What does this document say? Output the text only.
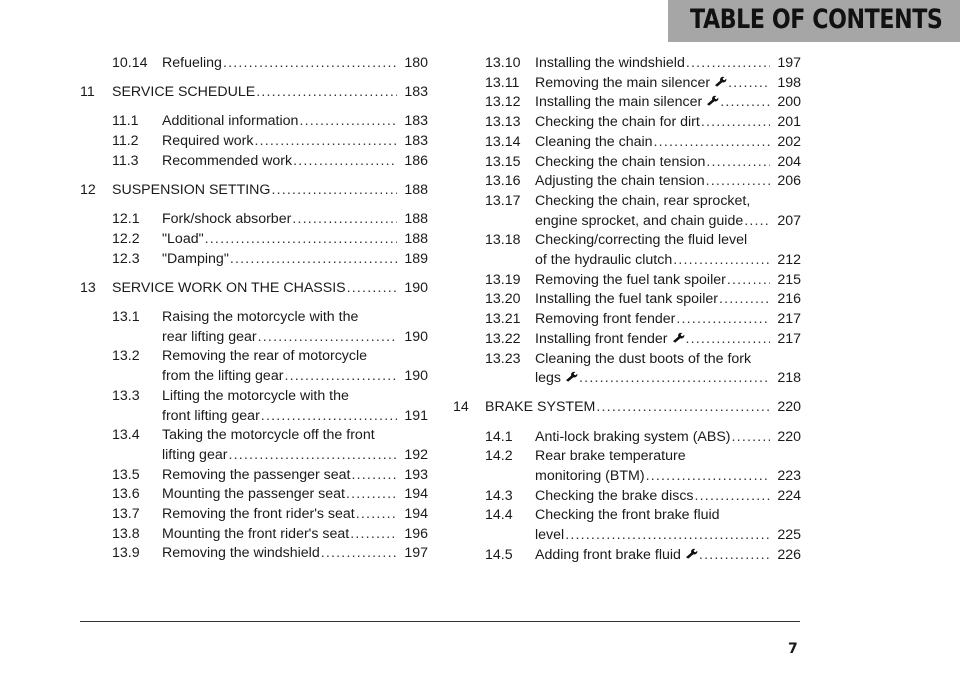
TABLE OF CONTENTS
10.14 Refueling .....	180
11 SERVICE SCHEDULE .....	183
11.1 Additional information .....	183
11.2 Required work .....	183
11.3 Recommended work .....	186
12 SUSPENSION SETTING .....	188
12.1 Fork/shock absorber .....	188
12.2 "Load" .....	188
12.3 "Damping" .....	189
13 SERVICE WORK ON THE CHASSIS .....	190
13.1 Raising the motorcycle with the
rear lifting gear .....	190
13.2 Removing the rear of motorcycle
from the lifting gear .....	190
13.3 Lifting the motorcycle with the
front lifting gear .....	191
13.4 Taking the motorcycle off the front
lifting gear .....	192
13.5 Removing the passenger seat .....	193
13.6 Mounting the passenger seat .....	194
13.7 Removing the front rider's seat .....	194
13.8 Mounting the front rider's seat .....	196
13.9 Removing the windshield .....	197
13.10 Installing the windshield .....	197
13.11 Removing the main silencer .....	198
13.12 Installing the main silencer .....	200
13.13 Checking the chain for dirt .....	201
13.14 Cleaning the chain .....	202
13.15 Checking the chain tension .....	204
13.16 Adjusting the chain tension .....	206
13.17 Checking the chain, rear sprocket,
engine sprocket, and chain guide .....	207
13.18 Checking/correcting the fluid level
of the hydraulic clutch .....	212
13.19 Removing the fuel tank spoiler .....	215
13.20 Installing the fuel tank spoiler .....	216
13.21 Removing front fender .....	217
13.22 Installing front fender .....	217
13.23 Cleaning the dust boots of the fork
legs .....	218
14 BRAKE SYSTEM .....	220
14.1 Anti-lock braking system (ABS) .....	220
14.2 Rear brake temperature
monitoring (BTM) .....	223
14.3 Checking the brake discs .....	224
14.4 Checking the front brake fluid
level .....	225
14.5 Adding front brake fluid .....	226
7
